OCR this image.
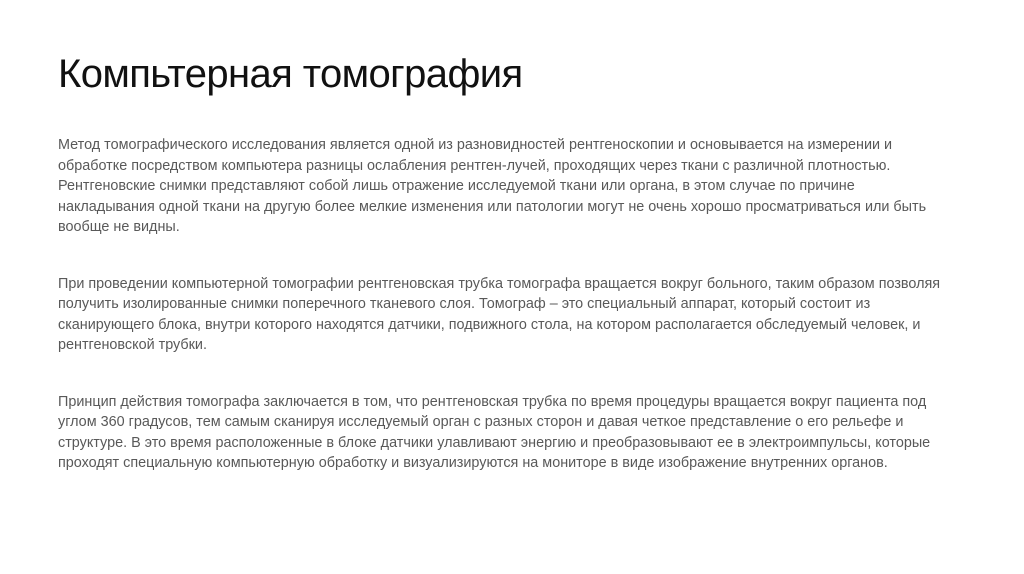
Компьтерная томография

Метод томографического исследования является одной из разновидностей рентгеноскопии и основывается на измерении и обработке посредством компьютера разницы ослабления рентген-лучей, проходящих через ткани с различной плотностью. Рентгеновские снимки представляют собой лишь отражение исследуемой ткани или органа, в этом случае по причине накладывания одной ткани на другую более мелкие изменения или патологии могут не очень хорошо просматриваться или быть вообще не видны.

При проведении компьютерной томографии рентгеновская трубка томографа вращается вокруг больного, таким образом позволяя получить изолированные снимки поперечного тканевого слоя. Томограф – это специальный аппарат, который состоит из сканирующего блока, внутри которого находятся датчики, подвижного стола, на котором располагается обследуемый человек, и рентгеновской трубки.

Принцип действия томографа заключается в том, что рентгеновская трубка по время процедуры вращается вокруг пациента под углом 360 градусов, тем самым сканируя исследуемый орган с разных сторон и давая четкое представление о его рельефе и структуре. В это время расположенные в блоке датчики улавливают энергию и преобразовывают ее в электроимпульсы, которые проходят специальную компьютерную обработку и визуализируются на мониторе в виде изображение внутренних органов.
